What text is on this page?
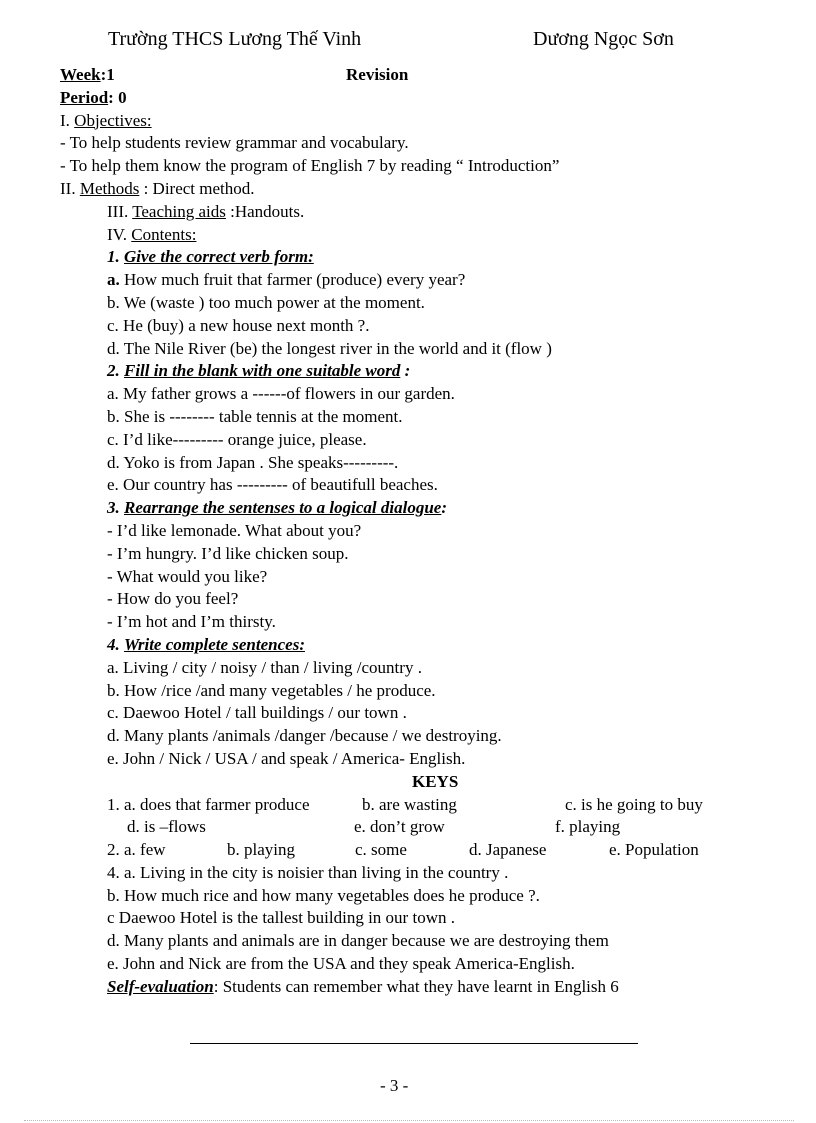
Trường THCS Lương Thế Vinh	Dương Ngọc Sơn
Week:1	Revision
Period: 0
I. Objectives:
- To help students review grammar and vocabulary.
- To help them know the program of English 7 by reading “ Introduction”
II. Methods : Direct method.
III. Teaching aids :Handouts.
IV. Contents:
1. Give the correct verb form:
a. How much fruit that farmer (produce) every year?
b. We (waste ) too much power at the moment.
c. He (buy) a new house next month ?.
d. The Nile River (be) the longest river in the world and it (flow )
2. Fill in the blank with one suitable word :
a. My father grows a ------of flowers in our garden.
b. She is -------- table tennis at the moment.
c. I’d like--------- orange juice, please.
d. Yoko is from Japan . She speaks---------.
e. Our country has --------- of beautifull beaches.
3. Rearrange the sentenses to a logical dialogue:
- I’d like lemonade. What about you?
- I’m hungry. I’d like chicken soup.
- What would you like?
- How do you feel?
- I’m hot and I’m thirsty.
4. Write complete sentences:
a. Living / city / noisy / than / living /country .
b. How /rice /and many vegetables / he produce.
c. Daewoo Hotel / tall buildings / our town .
d. Many plants /animals /danger /because / we destroying.
e. John / Nick / USA / and speak / America- English.
KEYS
1. a. does that farmer produce	b. are wasting	c. is he going to buy
d. is –flows	e. don’t grow	f. playing
2. a. few	b. playing	c. some	d. Japanese	e. Population
4. a. Living in the city is noisier than living in the country .
b. How much rice and how many vegetables does he produce ?.
c Daewoo Hotel is the tallest building in our town .
d. Many plants and animals are in danger because we are destroying them
e. John and Nick are from the USA and they speak America-English.
Self-evaluation: Students can remember what they have learnt in English 6
- 3 -
